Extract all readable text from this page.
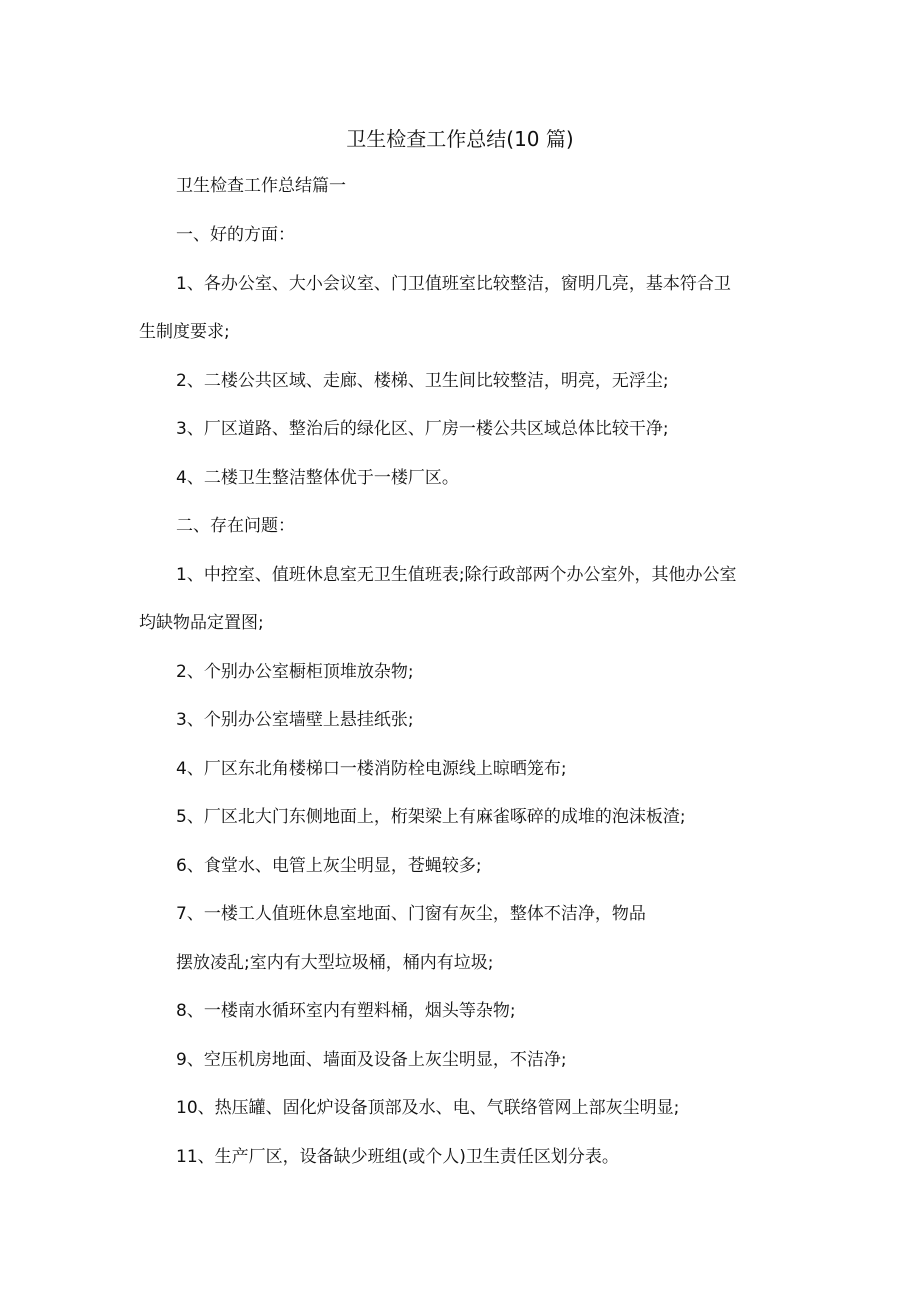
卫生检查工作总结(10 篇)
卫生检查工作总结篇一
一、好的方面：
1、各办公室、大小会议室、门卫值班室比较整洁，窗明几亮，基本符合卫
生制度要求;
2、二楼公共区域、走廊、楼梯、卫生间比较整洁，明亮，无浮尘;
3、厂区道路、整治后的绿化区、厂房一楼公共区域总体比较干净;
4、二楼卫生整洁整体优于一楼厂区。
二、存在问题：
1、中控室、值班休息室无卫生值班表;除行政部两个办公室外，其他办公室
均缺物品定置图;
2、个别办公室橱柜顶堆放杂物;
3、个别办公室墙壁上悬挂纸张;
4、厂区东北角楼梯口一楼消防栓电源线上晾晒笼布;
5、厂区北大门东侧地面上，桁架梁上有麻雀啄碎的成堆的泡沫板渣;
6、食堂水、电管上灰尘明显，苍蝇较多;
7、一楼工人值班休息室地面、门窗有灰尘，整体不洁净，物品
摆放凌乱;室内有大型垃圾桶，桶内有垃圾;
8、一楼南水循环室内有塑料桶，烟头等杂物;
9、空压机房地面、墙面及设备上灰尘明显，不洁净;
10、热压罐、固化炉设备顶部及水、电、气联络管网上部灰尘明显;
11、生产厂区，设备缺少班组(或个人)卫生责任区划分表。
